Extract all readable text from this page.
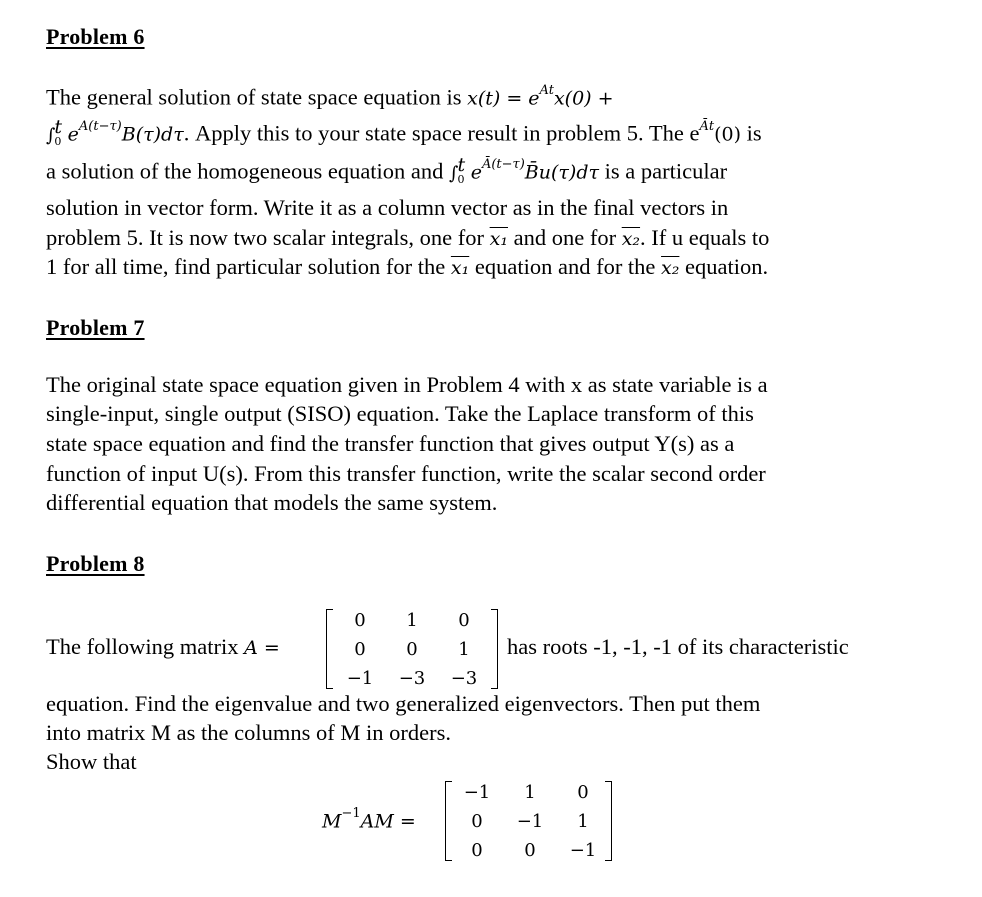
Problem 6
The general solution of state space equation is $x(t) = e^{At}x(0)$ +
∫t
0 $e^{A(t-\tau)}B(\tau)d\tau$. Apply this to your state space result in problem 5. The $e^{Āt}(0)$ is
a solution of the homogeneous equation and ∫t
0 $e^{Ā(t-\tau)}B̄u(\tau)d\tau$ is a particular
solution in vector form. Write it as a column vector as in the final vectors in
problem 5. It is now two scalar integrals, one for x₁ and one for x₂. If u equals to
1 for all time, find particular solution for the x₁ equation and for the x₂ equation.
Problem 7
The original state space equation given in Problem 4 with x as state variable is a
single-input, single output (SISO) equation. Take the Laplace transform of this
state space equation and find the transfer function that gives output Y(s) as a
function of input U(s). From this transfer function, write the scalar second order
differential equation that models the same system.
Problem 8
The following matrix A =
0	1	0
0	0	1
−1	−3	−3
has roots -1, -1, -1 of its characteristic
equation. Find the eigenvalue and two generalized eigenvectors. Then put them
into matrix M as the columns of M in orders.
Show that
$M^{-1}AM$ =
−1	1	0
0	−1	1
0	0	−1
